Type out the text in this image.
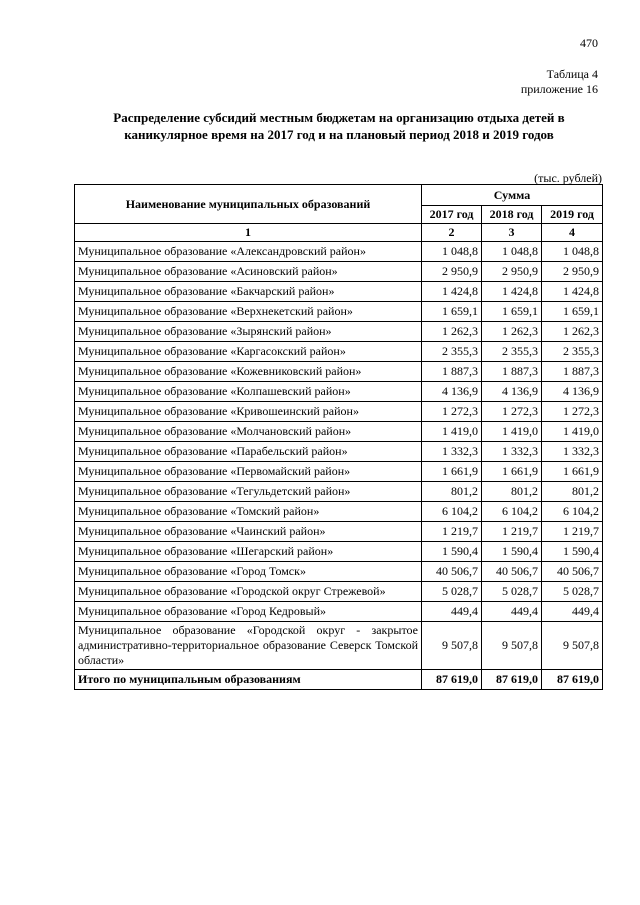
470
Таблица 4
приложение 16
Распределение субсидий местным бюджетам на организацию отдыха детей в каникулярное время на 2017 год и на плановый период 2018 и 2019 годов
(тыс. рублей)
Наименование муниципальных образований	Сумма		
	2017 год	2018 год	2019 год
1	2	3	4
Муниципальное образование «Александровский район»	1 048,8	1 048,8	1 048,8
Муниципальное образование «Асиновский район»	2 950,9	2 950,9	2 950,9
Муниципальное образование «Бакчарский район»	1 424,8	1 424,8	1 424,8
Муниципальное образование «Верхнекетский район»	1 659,1	1 659,1	1 659,1
Муниципальное образование «Зырянский район»	1 262,3	1 262,3	1 262,3
Муниципальное образование «Каргасокский район»	2 355,3	2 355,3	2 355,3
Муниципальное образование «Кожевниковский район»	1 887,3	1 887,3	1 887,3
Муниципальное образование «Колпашевский район»	4 136,9	4 136,9	4 136,9
Муниципальное образование «Кривошеинский район»	1 272,3	1 272,3	1 272,3
Муниципальное образование «Молчановский район»	1 419,0	1 419,0	1 419,0
Муниципальное образование «Парабельский район»	1 332,3	1 332,3	1 332,3
Муниципальное образование «Первомайский район»	1 661,9	1 661,9	1 661,9
Муниципальное образование «Тегульдетский район»	801,2	801,2	801,2
Муниципальное образование «Томский район»	6 104,2	6 104,2	6 104,2
Муниципальное образование «Чаинский район»	1 219,7	1 219,7	1 219,7
Муниципальное образование «Шегарский район»	1 590,4	1 590,4	1 590,4
Муниципальное образование «Город Томск»	40 506,7	40 506,7	40 506,7
Муниципальное образование «Городской округ Стрежевой»	5 028,7	5 028,7	5 028,7
Муниципальное образование «Город Кедровый»	449,4	449,4	449,4
Муниципальное образование «Городской округ - закрытое административно-территориальное образование Северск Томской области»	9 507,8	9 507,8	9 507,8
Итого по муниципальным образованиям	87 619,0	87 619,0	87 619,0
